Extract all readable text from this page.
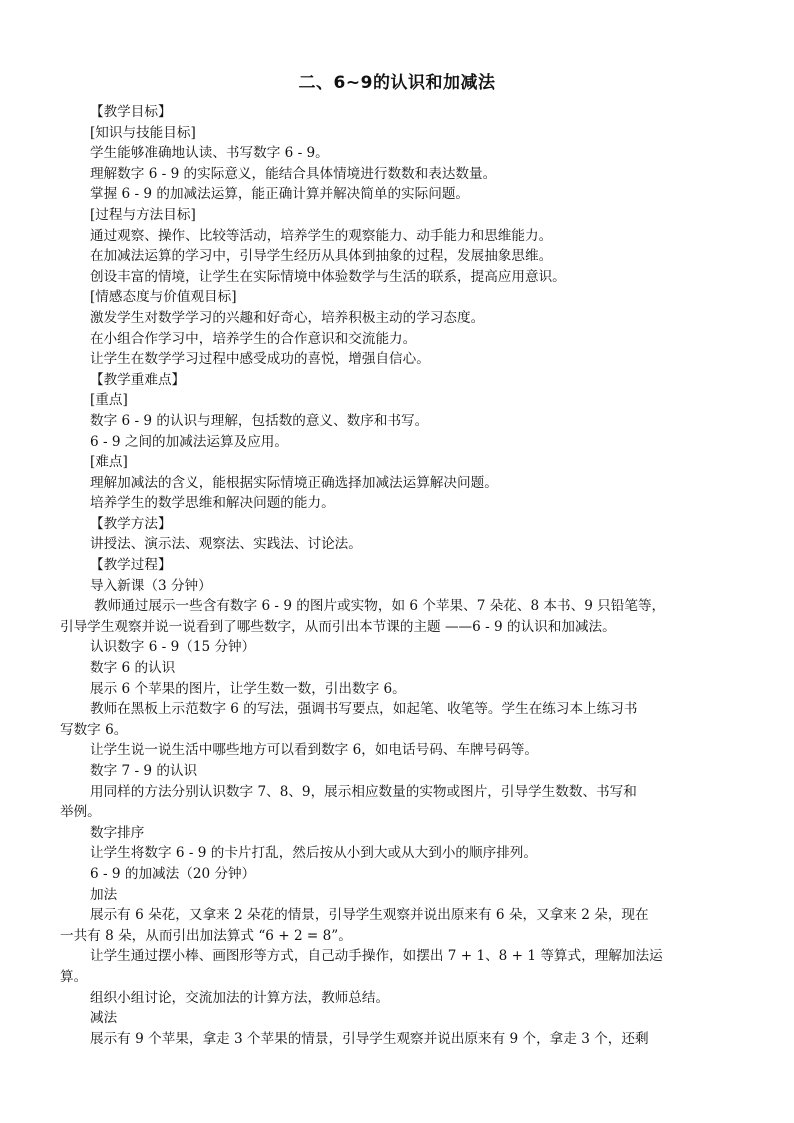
二、6~9的认识和加减法
【教学目标】
[知识与技能目标]
学生能够准确地认读、书写数字 6 - 9。
理解数字 6 - 9 的实际意义，能结合具体情境进行数数和表达数量。
掌握 6 - 9 的加减法运算，能正确计算并解决简单的实际问题。
[过程与方法目标]
通过观察、操作、比较等活动，培养学生的观察能力、动手能力和思维能力。
在加减法运算的学习中，引导学生经历从具体到抽象的过程，发展抽象思维。
创设丰富的情境，让学生在实际情境中体验数学与生活的联系，提高应用意识。
[情感态度与价值观目标]
激发学生对数学学习的兴趣和好奇心，培养积极主动的学习态度。
在小组合作学习中，培养学生的合作意识和交流能力。
让学生在数学学习过程中感受成功的喜悦，增强自信心。
【教学重难点】
[重点]
数字 6 - 9 的认识与理解，包括数的意义、数序和书写。
6 - 9 之间的加减法运算及应用。
[难点]
理解加减法的含义，能根据实际情境正确选择加减法运算解决问题。
培养学生的数学思维和解决问题的能力。
【教学方法】
讲授法、演示法、观察法、实践法、讨论法。
【教学过程】
导入新课（3 分钟）
教师通过展示一些含有数字 6 - 9 的图片或实物，如 6 个苹果、7 朵花、8 本书、9 只铅笔等，
引导学生观察并说一说看到了哪些数字，从而引出本节课的主题 ——6 - 9 的认识和加减法。
认识数字 6 - 9（15 分钟）
数字 6 的认识
展示 6 个苹果的图片，让学生数一数，引出数字 6。
教师在黑板上示范数字 6 的写法，强调书写要点，如起笔、收笔等。学生在练习本上练习书
写数字 6。
让学生说一说生活中哪些地方可以看到数字 6，如电话号码、车牌号码等。
数字 7 - 9 的认识
用同样的方法分别认识数字 7、8、9，展示相应数量的实物或图片，引导学生数数、书写和
举例。
数字排序
让学生将数字 6 - 9 的卡片打乱，然后按从小到大或从大到小的顺序排列。
6 - 9 的加减法（20 分钟）
加法
展示有 6 朵花，又拿来 2 朵花的情景，引导学生观察并说出原来有 6 朵，又拿来 2 朵，现在
一共有 8 朵，从而引出加法算式 “6 + 2 = 8”。
让学生通过摆小棒、画图形等方式，自己动手操作，如摆出 7 + 1、8 + 1 等算式，理解加法运
算。
组织小组讨论，交流加法的计算方法，教师总结。
减法
展示有 9 个苹果，拿走 3 个苹果的情景，引导学生观察并说出原来有 9 个，拿走 3 个，还剩
